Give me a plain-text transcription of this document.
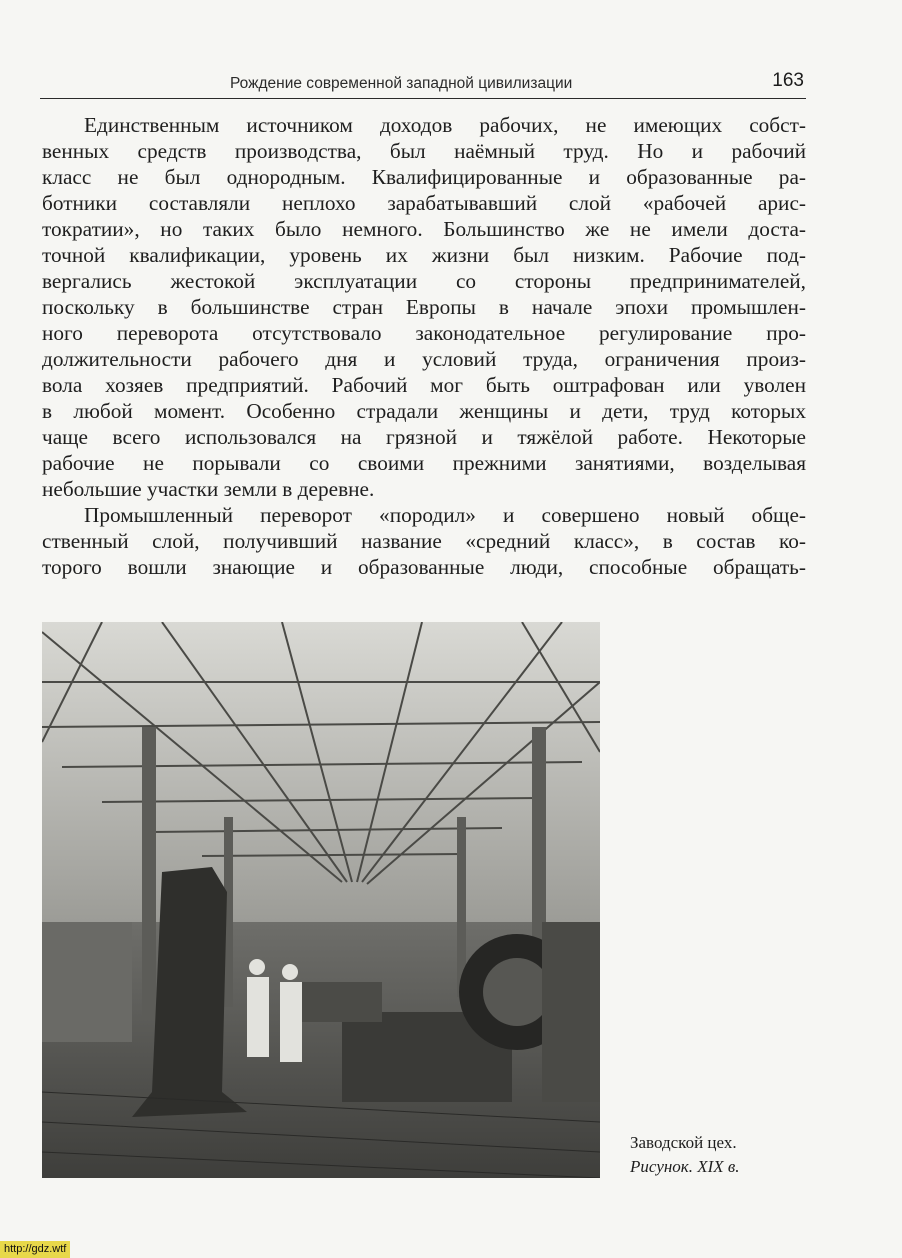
Рождение современной западной цивилизации	163

Единственным источником доходов рабочих, не имеющих собст-
венных средств производства, был наёмный труд. Но и рабочий
класс не был однородным. Квалифицированные и образованные ра-
ботники составляли неплохо зарабатывавший слой «рабочей арис-
тократии», но таких было немного. Большинство же не имели доста-
точной квалификации, уровень их жизни был низким. Рабочие под-
вергались жестокой эксплуатации со стороны предпринимателей,
поскольку в большинстве стран Европы в начале эпохи промышлен-
ного переворота отсутствовало законодательное регулирование про-
должительности рабочего дня и условий труда, ограничения произ-
вола хозяев предприятий. Рабочий мог быть оштрафован или уволен
в любой момент. Особенно страдали женщины и дети, труд которых
чаще всего использовался на грязной и тяжёлой работе. Некоторые
рабочие не порывали со своими прежними занятиями, возделывая
небольшие участки земли в деревне.

Промышленный переворот «породил» и совершено новый обще-
ственный слой, получивший название «средний класс», в состав ко-
торого вошли знающие и образованные люди, способные обращать-

Заводской цех.
Рисунок. XIX в.
http://gdz.wtf
